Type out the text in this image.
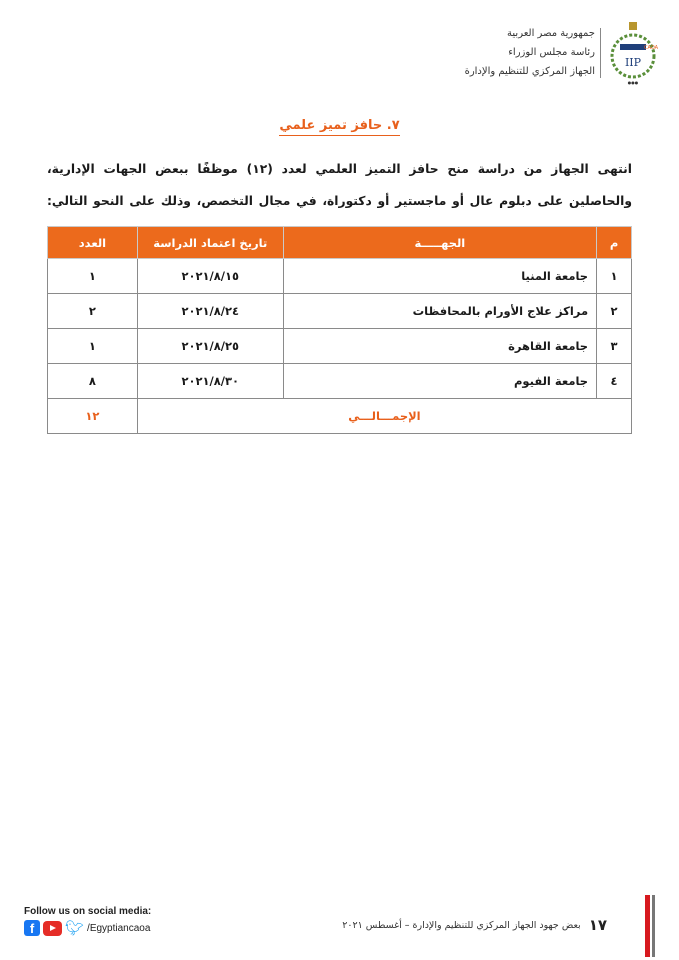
جمهورية مصر العربية
رئاسة مجلس الوزراء
الجهاز المركزي للتنظيم والإدارة
CAOA
IIP
●●●
٧. حافز تميز علمي
انتهى الجهاز من دراسة منح حافز التميز العلمي لعدد (١٢) موظفًا ببعض الجهات الإدارية، والحاصلين على دبلوم عال أو ماجستير أو دكتوراة، في مجال التخصص، وذلك على النحو التالي:
م	الجهـــــة	تاريخ اعتماد الدراسة	العدد
١	جامعة المنيا	٢٠٢١/٨/١٥	١
٢	مراكز علاج الأورام بالمحافظات	٢٠٢١/٨/٢٤	٢
٣	جامعة القاهرة	٢٠٢١/٨/٢٥	١
٤	جامعة الفيوم	٢٠٢١/٨/٣٠	٨
الإجمـــالـــي			١٢
Follow us on social media:
f	🐦︎ /Egyptiancaoa	١٧
بعض جهود الجهاز المركزي للتنظيم والإدارة – أغسطس ٢٠٢١
